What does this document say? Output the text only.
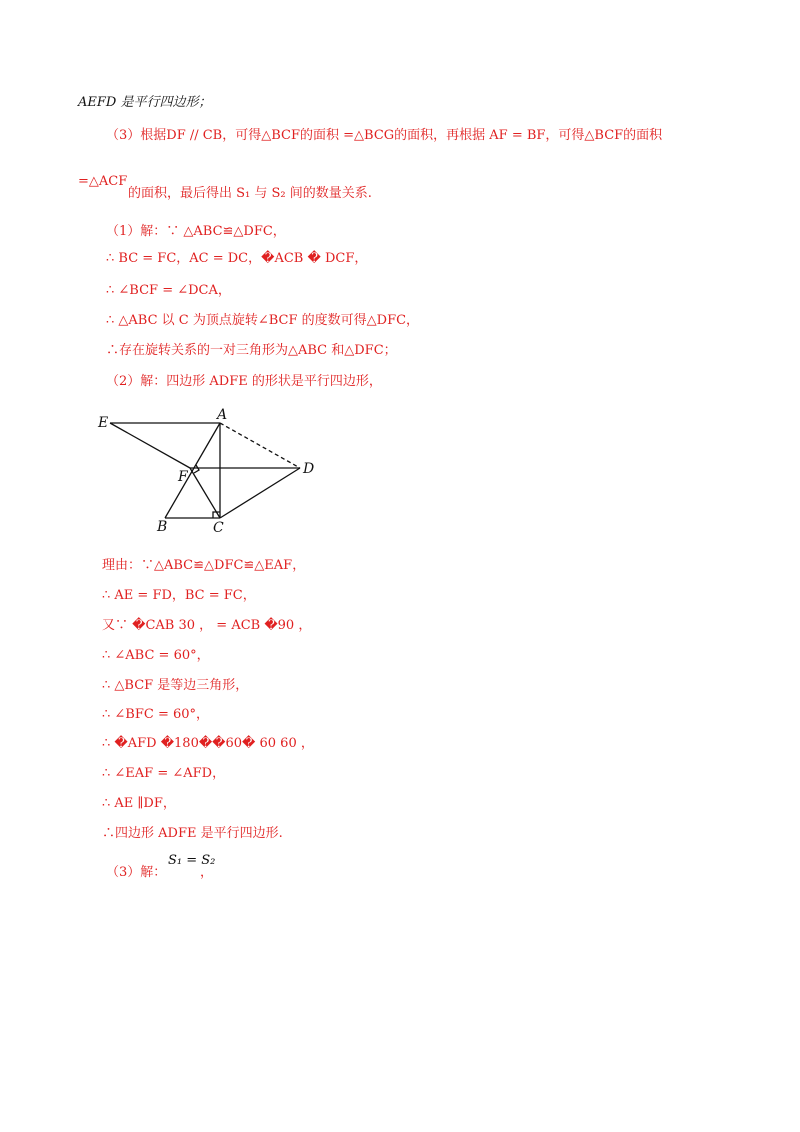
AEFD 是平行四边形；
（3）根据DF // CB，可得△BCF的面积 =△BCG的面积，再根据 AF = BF，可得△BCF的面积
=△ACF
的面积，最后得出 S₁ 与 S₂ 间的数量关系.
（1）解：∵ △ABC≌△DFC，
∴ BC = FC，AC = DC，�ACB � DCF，
∴ ∠BCF = ∠DCA，
∴ △ABC 以 C 为顶点旋转∠BCF 的度数可得△DFC，
∴存在旋转关系的一对三角形为△ABC 和△DFC；
（2）解：四边形 ADFE 的形状是平行四边形，
E	A
F	D
B	C
理由：∵△ABC≌△DFC≌△EAF，
∴ AE = FD，BC = FC，
又∵ �CAB 30 ， = ACB �90 ，
∴ ∠ABC = 60°，
∴ △BCF 是等边三角形，
∴ ∠BFC = 60°，
∴ �AFD �180��60� 60 60 ，
∴ ∠EAF = ∠AFD，
∴ AE ∥DF，
∴四边形 ADFE 是平行四边形.
（3）解：
S₁ = S₂
，
